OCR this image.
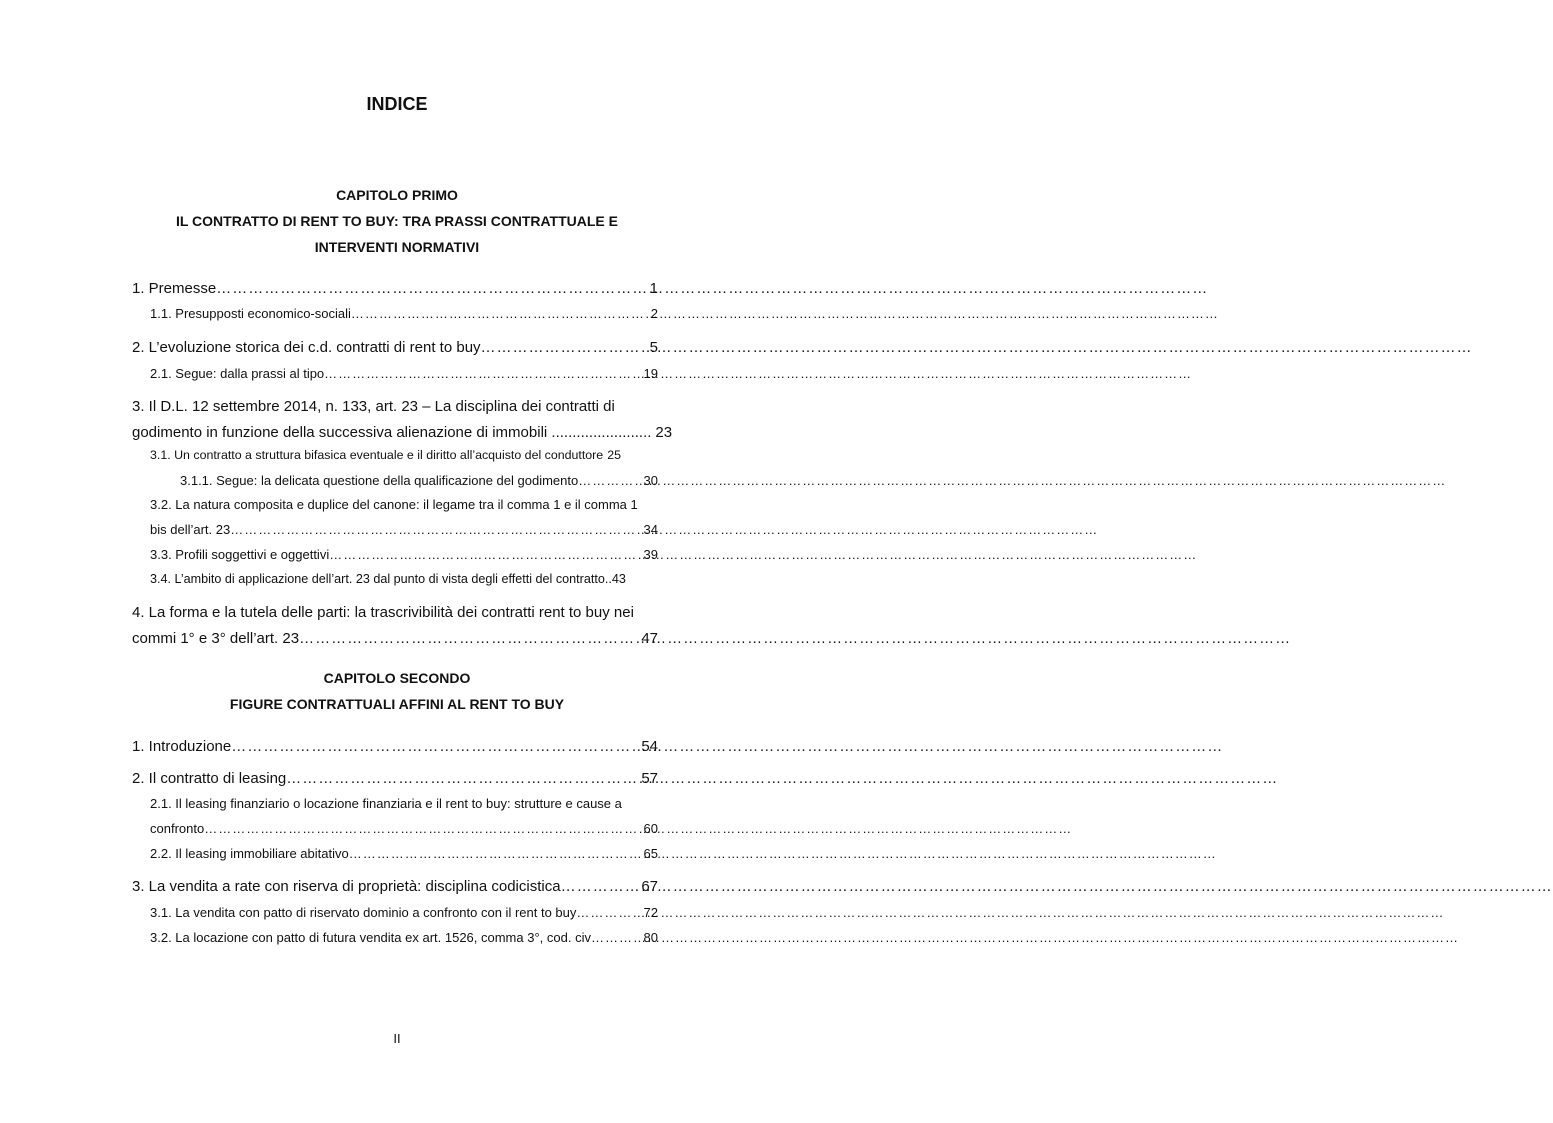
INDICE
CAPITOLO PRIMO
IL CONTRATTO DI RENT TO BUY: TRA PRASSI CONTRATTUALE E
INTERVENTI NORMATIVI
1. Premesse ……………………………………………………………………………………………………………………………………………………………………	1
1.1. Presupposti economico-sociali ……………………………………………………………………………………………………………………………………………………………………	2
2. L’evoluzione storica dei c.d. contratti di rent to buy ……………………………………………………………………………………………………………………………………………………………………	5
2.1. Segue: dalla prassi al tipo ……………………………………………………………………………………………………………………………………………………………………	19
3. Il D.L. 12 settembre 2014, n. 133, art. 23 – La disciplina dei contratti di
godimento in funzione della successiva alienazione di immobili ........................ 23
3.1. Un contratto a struttura bifasica eventuale e il diritto all’acquisto del conduttore 25
3.1.1. Segue: la delicata questione della qualificazione del godimento ……………………………………………………………………………………………………………………………………………………………………	30
3.2. La natura composita e duplice del canone: il legame tra il comma 1 e il comma 1
bis dell’art. 23 ……………………………………………………………………………………………………………………………………………………………………	34
3.3. Profili soggettivi e oggettivi ……………………………………………………………………………………………………………………………………………………………………	39
3.4. L’ambito di applicazione dell’art. 23 dal punto di vista degli effetti del contratto.. 43
4. La forma e la tutela delle parti: la trascrivibilità dei contratti rent to buy nei
commi 1° e 3° dell’art. 23 ……………………………………………………………………………………………………………………………………………………………………	47
CAPITOLO SECONDO
FIGURE CONTRATTUALI AFFINI AL RENT TO BUY
1. Introduzione ……………………………………………………………………………………………………………………………………………………………………	54
2. Il contratto di leasing ……………………………………………………………………………………………………………………………………………………………………	57
2.1. Il leasing finanziario o locazione finanziaria e il rent to buy: strutture e cause a
confronto ……………………………………………………………………………………………………………………………………………………………………	60
2.2. Il leasing immobiliare abitativo ……………………………………………………………………………………………………………………………………………………………………	65
3. La vendita a rate con riserva di proprietà: disciplina codicistica ……………………………………………………………………………………………………………………………………………………………………	67
3.1. La vendita con patto di riservato dominio a confronto con il rent to buy ……………………………………………………………………………………………………………………………………………………………………	72
3.2. La locazione con patto di futura vendita ex art. 1526, comma 3°, cod. civ ……………………………………………………………………………………………………………………………………………………………………	80
II
